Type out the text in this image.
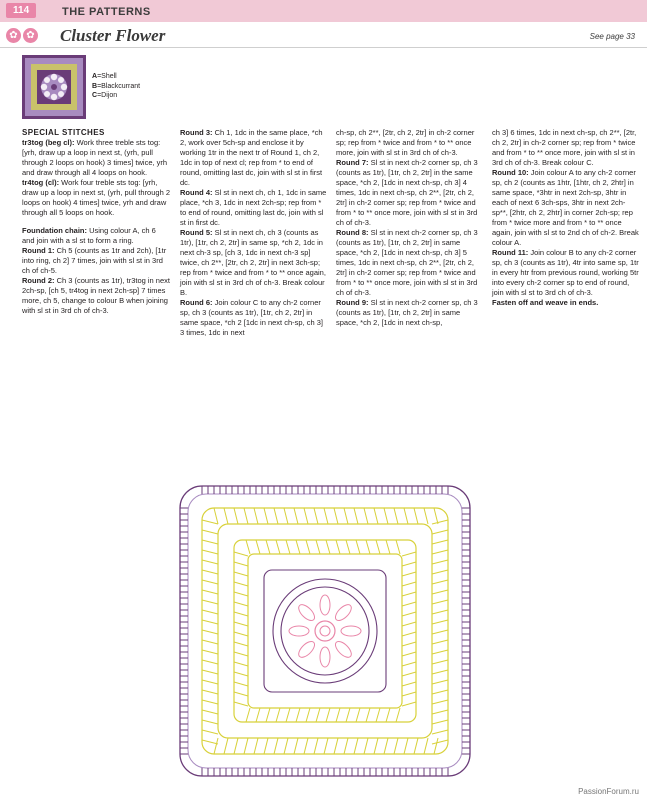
114	THE PATTERNS
✿ ✿ Cluster Flower	See page 33
A=Shell
B=Blackcurrant
C=Dijon

SPECIAL STITCHES

tr3tog (beg cl): Work three treble sts tog: [yrh, draw up a loop in next st, (yrh, pull through 2 loops on hook) 3 times] twice, yrh and draw through all 4 loops on hook.

tr4tog (cl): Work four treble sts tog: [yrh, draw up a loop in next st, (yrh, pull through 2 loops on hook) 4 times] twice, yrh and draw through all 5 loops on hook.

Foundation chain: Using colour A, ch 6 and join with a sl st to form a ring.

Round 1: Ch 5 (counts as 1tr and 2ch), [1tr into ring, ch 2] 7 times, join with sl st in 3rd ch of ch-5.

Round 2: Ch 3 (counts as 1tr), tr3tog in next 2ch-sp, [ch 5, tr4tog in next 2ch-sp] 7 times more, ch 5, change to colour B when joining with sl st in 3rd ch of ch-3.

Round 3: Ch 1, 1dc in the same place, *ch 2, work over 5ch-sp and enclose it by working 1tr in the next tr of Round 1, ch 2, 1dc in top of next cl; rep from * to end of round, omitting last dc, join with sl st in first dc.

Round 4: Sl st in next ch, ch 1, 1dc in same place, *ch 3, 1dc in next 2ch-sp; rep from * to end of round, omitting last dc, join with sl st in first dc.

Round 5: Sl st in next ch, ch 3 (counts as 1tr), [1tr, ch 2, 2tr] in same sp, *ch 2, 1dc in next ch-3 sp, [ch 3, 1dc in next ch-3 sp] twice, ch 2**, [2tr, ch 2, 2tr] in next 3ch-sp; rep from * twice and from * to ** once again, join with sl st in 3rd ch of ch-3. Break colour B.

Round 6: Join colour C to any ch-2 corner sp, ch 3 (counts as 1tr), [1tr, ch 2, 2tr] in same space, *ch 2 [1dc in next ch-sp, ch 3] 3 times, 1dc in next

ch-sp, ch 2**, [2tr, ch 2, 2tr] in ch-2 corner sp; rep from * twice and from * to ** once more, join with sl st in 3rd ch of ch-3.

Round 7: Sl st in next ch-2 corner sp, ch 3 (counts as 1tr), [1tr, ch 2, 2tr] in the same space, *ch 2, [1dc in next ch-sp, ch 3] 4 times, 1dc in next ch-sp, ch 2**, [2tr, ch 2, 2tr] in ch-2 corner sp; rep from * twice and from * to ** once more, join with sl st in 3rd ch of ch-3.

Round 8: Sl st in next ch-2 corner sp, ch 3 (counts as 1tr), [1tr, ch 2, 2tr] in same space, *ch 2, [1dc in next ch-sp, ch 3] 5 times, 1dc in next ch-sp, ch 2**, [2tr, ch 2, 2tr] in ch-2 corner sp; rep from * twice and from * to ** once more, join with sl st in 3rd ch of ch-3.

Round 9: Sl st in next ch-2 corner sp, ch 3 (counts as 1tr), [1tr, ch 2, 2tr] in same space, *ch 2, [1dc in next ch-sp,

ch 3] 6 times, 1dc in next ch-sp, ch 2**, [2tr, ch 2, 2tr] in ch-2 corner sp; rep from * twice and from * to ** once more, join with sl st in 3rd ch of ch-3. Break colour C.

Round 10: Join colour A to any ch-2 corner sp, ch 2 (counts as 1htr, [1htr, ch 2, 2htr] in same space, *3htr in next 2ch-sp, 3htr in each of next 6 3ch-sps, 3htr in next 2ch-sp**, [2htr, ch 2, 2htr] in corner 2ch-sp; rep from * twice more and from * to ** once again, join with sl st to 2nd ch of ch-2. Break colour A.

Round 11: Join colour B to any ch-2 corner sp, ch 3 (counts as 1tr), 4tr into same sp, 1tr in every htr from previous round, working 5tr into every ch-2 corner sp to end of round, join with sl st to 3rd ch of ch-3.

Fasten off and weave in ends.

PassionForum.ru
